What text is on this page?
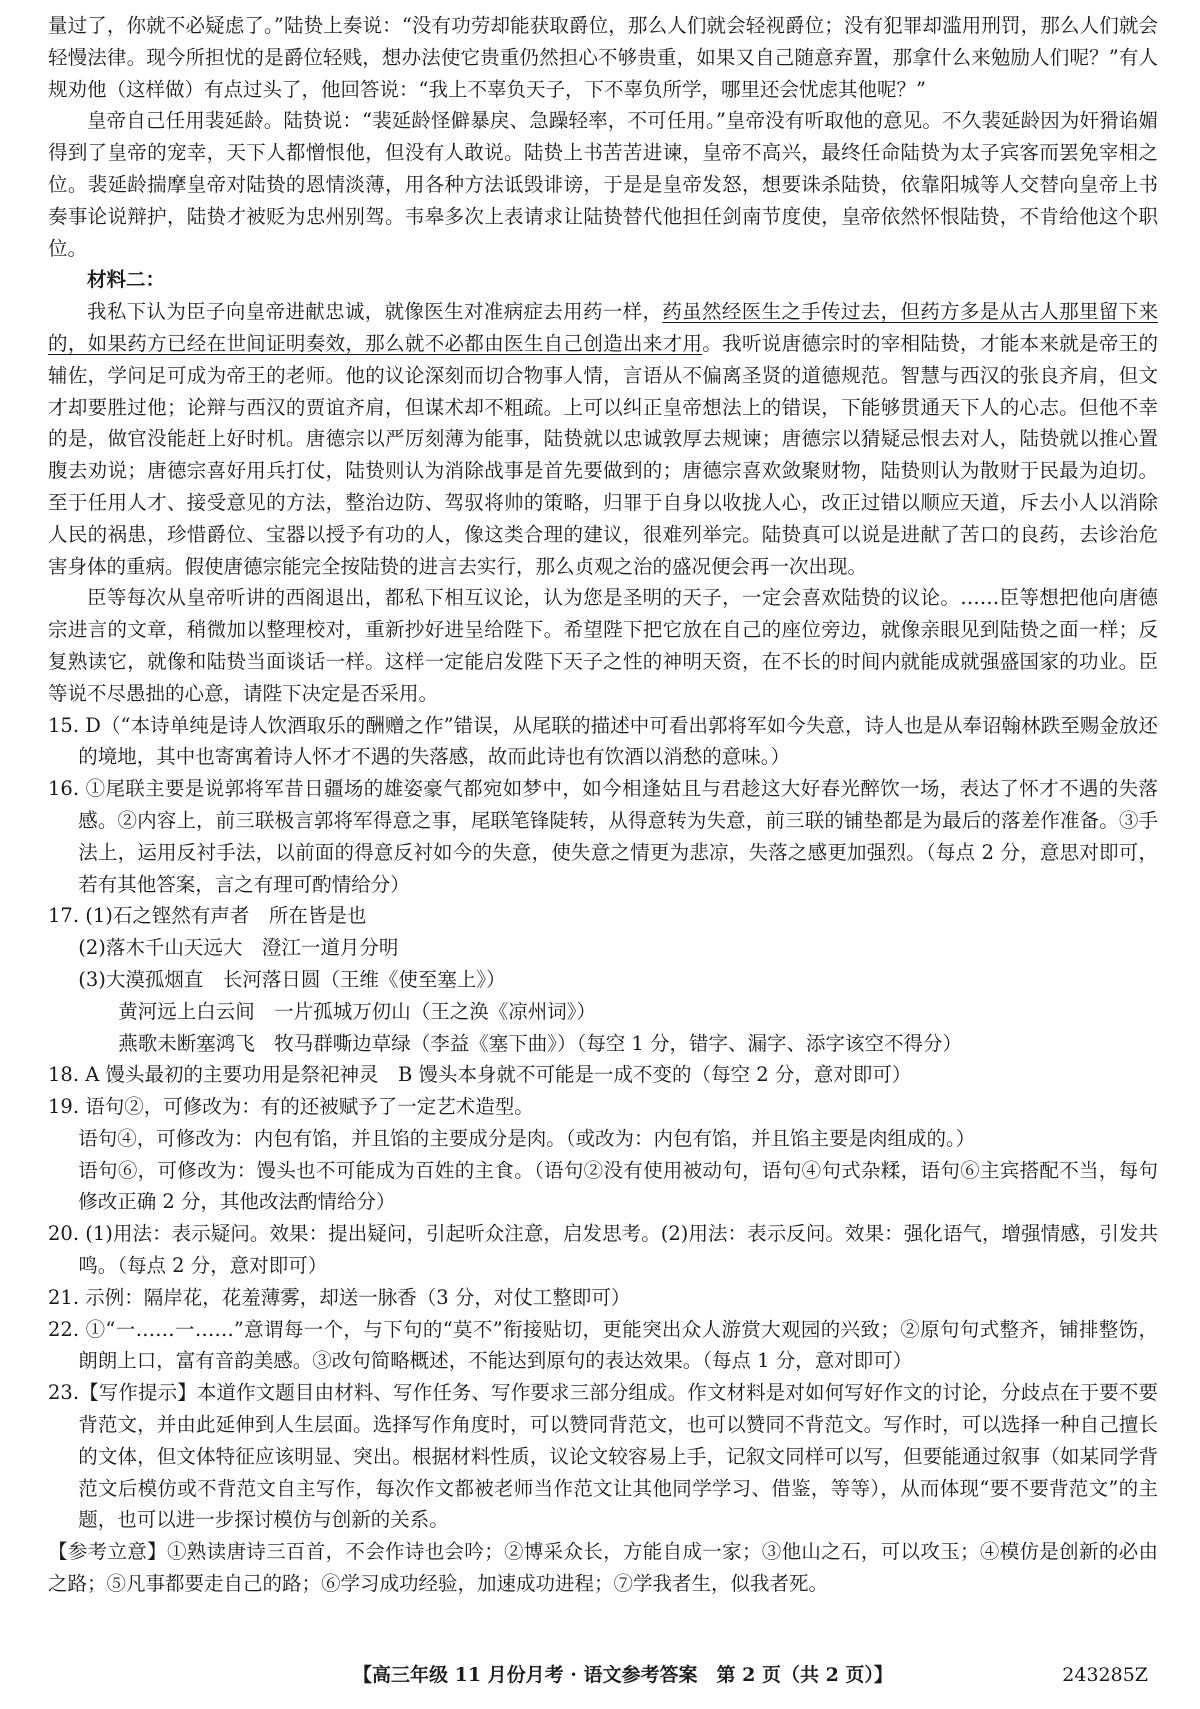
量过了，你就不必疑虑了。”陆贽上奏说：“没有功劳却能获取爵位，那么人们就会轻视爵位；没有犯罪却滥用刑罚，那么人们就会轻慢法律。现今所担忧的是爵位轻贱，想办法使它贵重仍然担心不够贵重，如果又自己随意弃置，那拿什么来勉励人们呢？”有人规劝他（这样做）有点过头了，他回答说：“我上不辜负天子，下不辜负所学，哪里还会忧虑其他呢？”

皇帝自己任用裴延龄。陆贽说：“裴延龄怪僻暴戾、急躁轻率，不可任用。”皇帝没有听取他的意见。不久裴延龄因为奸猾谄媚得到了皇帝的宠幸，天下人都憎恨他，但没有人敢说。陆贽上书苦苦进谏，皇帝不高兴，最终任命陆贽为太子宾客而罢免宰相之位。裴延龄揣摩皇帝对陆贽的恩情淡薄，用各种方法诋毁诽谤，于是是皇帝发怒，想要诛杀陆贽，依靠阳城等人交替向皇帝上书奏事论说辩护，陆贽才被贬为忠州别驾。韦皋多次上表请求让陆贽替代他担任剑南节度使，皇帝依然怀恨陆贽，不肯给他这个职位。

材料二：

我私下认为臣子向皇帝进献忠诚，就像医生对准病症去用药一样，药虽然经医生之手传过去，但药方多是从古人那里留下来的，如果药方已经在世间证明奏效，那么就不必都由医生自己创造出来才用。我听说唐德宗时的宰相陆贽，才能本来就是帝王的辅佐，学问足可成为帝王的老师。他的议论深刻而切合物事人情，言语从不偏离圣贤的道德规范。智慧与西汉的张良齐肩，但文才却要胜过他；论辩与西汉的贾谊齐肩，但谋术却不粗疏。上可以纠正皇帝想法上的错误，下能够贯通天下人的心志。但他不幸的是，做官没能赶上好时机。唐德宗以严厉刻薄为能事，陆贽就以忠诚敦厚去规谏；唐德宗以猜疑忌恨去对人，陆贽就以推心置腹去劝说；唐德宗喜好用兵打仗，陆贽则认为消除战事是首先要做到的；唐德宗喜欢敛聚财物，陆贽则认为散财于民最为迫切。至于任用人才、接受意见的方法，整治边防、驾驭将帅的策略，归罪于自身以收拢人心，改正过错以顺应天道，斥去小人以消除人民的祸患，珍惜爵位、宝器以授予有功的人，像这类合理的建议，很难列举完。陆贽真可以说是进献了苦口的良药，去诊治危害身体的重病。假使唐德宗能完全按陆贽的进言去实行，那么贞观之治的盛况便会再一次出现。

臣等每次从皇帝听讲的西阁退出，都私下相互议论，认为您是圣明的天子，一定会喜欢陆贽的议论。……臣等想把他向唐德宗进言的文章，稍微加以整理校对，重新抄好进呈给陛下。希望陛下把它放在自己的座位旁边，就像亲眼见到陆贽之面一样；反复熟读它，就像和陆贽当面谈话一样。这样一定能启发陛下天子之性的神明天资，在不长的时间内就能成就强盛国家的功业。臣等说不尽愚拙的心意，请陛下决定是否采用。

15. D（“本诗单纯是诗人饮酒取乐的酬赠之作”错误，从尾联的描述中可看出郭将军如今失意，诗人也是从奉诏翰林跌至赐金放还的境地，其中也寄寓着诗人怀才不遇的失落感，故而此诗也有饮酒以消愁的意味。）

16. ①尾联主要是说郭将军昔日疆场的雄姿豪气都宛如梦中，如今相逢姑且与君趁这大好春光醉饮一场，表达了怀才不遇的失落感。②内容上，前三联极言郭将军得意之事，尾联笔锋陡转，从得意转为失意，前三联的铺垫都是为最后的落差作准备。③手法上，运用反衬手法，以前面的得意反衬如今的失意，使失意之情更为悲凉，失落之感更加强烈。（每点 2 分，意思对即可，若有其他答案，言之有理可酌情给分）

17. (1)石之铿然有声者　所在皆是也

(2)落木千山天远大　澄江一道月分明

(3)大漠孤烟直　长河落日圆（王维《使至塞上》）

黄河远上白云间　一片孤城万仞山（王之涣《凉州词》）

燕歌未断塞鸿飞　牧马群嘶边草绿（李益《塞下曲》）（每空 1 分，错字、漏字、添字该空不得分）

18. A 馒头最初的主要功用是祭祀神灵　B 馒头本身就不可能是一成不变的（每空 2 分，意对即可）

19. 语句②，可修改为：有的还被赋予了一定艺术造型。

语句④，可修改为：内包有馅，并且馅的主要成分是肉。（或改为：内包有馅，并且馅主要是肉组成的。）

语句⑥，可修改为：馒头也不可能成为百姓的主食。（语句②没有使用被动句，语句④句式杂糅，语句⑥主宾搭配不当，每句修改正确 2 分，其他改法酌情给分）

20. (1)用法：表示疑问。效果：提出疑问，引起听众注意，启发思考。(2)用法：表示反问。效果：强化语气，增强情感，引发共鸣。（每点 2 分，意对即可）

21. 示例：隔岸花，花羞薄雾，却送一脉香（3 分，对仗工整即可）

22. ①“一……一……”意谓每一个，与下句的“莫不”衔接贴切，更能突出众人游赏大观园的兴致；②原句句式整齐，铺排整饬，朗朗上口，富有音韵美感。③改句简略概述，不能达到原句的表达效果。（每点 1 分，意对即可）

23.【写作提示】本道作文题目由材料、写作任务、写作要求三部分组成。作文材料是对如何写好作文的讨论，分歧点在于要不要背范文，并由此延伸到人生层面。选择写作角度时，可以赞同背范文，也可以赞同不背范文。写作时，可以选择一种自己擅长的文体，但文体特征应该明显、突出。根据材料性质，议论文较容易上手，记叙文同样可以写，但要能通过叙事（如某同学背范文后模仿或不背范文自主写作，每次作文都被老师当作范文让其他同学学习、借鉴，等等），从而体现“要不要背范文”的主题，也可以进一步探讨模仿与创新的关系。

【参考立意】①熟读唐诗三百首，不会作诗也会吟；②博采众长，方能自成一家；③他山之石，可以攻玉；④模仿是创新的必由之路；⑤凡事都要走自己的路；⑥学习成功经验，加速成功进程；⑦学我者生，似我者死。

【高三年级 11 月份月考 · 语文参考答案　第 2 页（共 2 页）】	243285Z
